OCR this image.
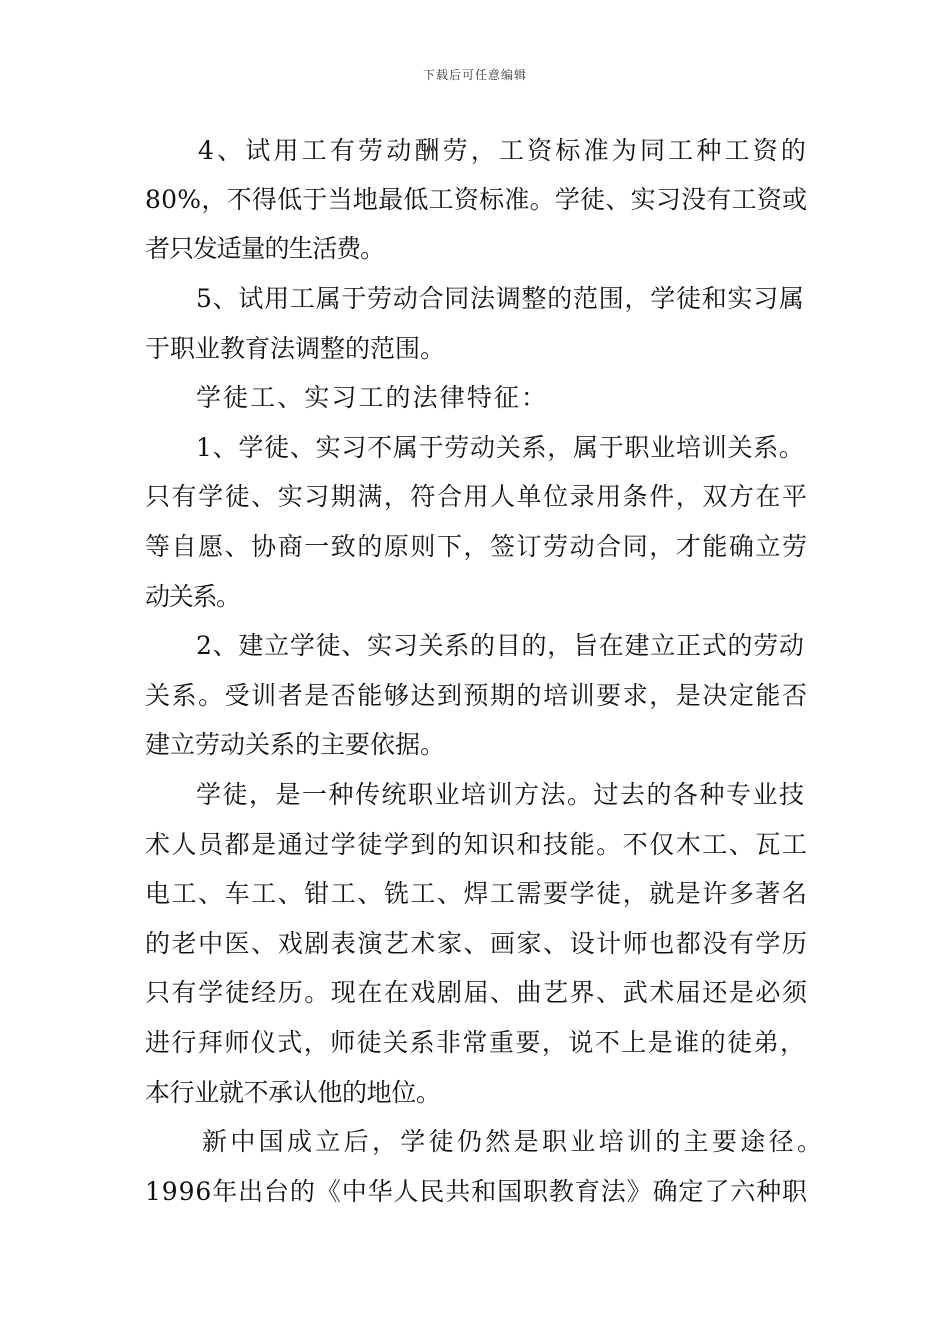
下载后可任意编辑
4、试用工有劳动酬劳，工资标准为同工种工资的
80%，不得低于当地最低工资标准。学徒、实习没有工资或
者只发适量的生活费。
5、试用工属于劳动合同法调整的范围，学徒和实习属
于职业教育法调整的范围。
学徒工、实习工的法律特征：
1、学徒、实习不属于劳动关系，属于职业培训关系。
只有学徒、实习期满，符合用人单位录用条件，双方在平
等自愿、协商一致的原则下，签订劳动合同，才能确立劳
动关系。
2、建立学徒、实习关系的目的，旨在建立正式的劳动
关系。受训者是否能够达到预期的培训要求，是决定能否
建立劳动关系的主要依据。
学徒，是一种传统职业培训方法。过去的各种专业技
术人员都是通过学徒学到的知识和技能。不仅木工、瓦工
电工、车工、钳工、铣工、焊工需要学徒，就是许多著名
的老中医、戏剧表演艺术家、画家、设计师也都没有学历
只有学徒经历。现在在戏剧届、曲艺界、武术届还是必须
进行拜师仪式，师徒关系非常重要，说不上是谁的徒弟，
本行业就不承认他的地位。
新中国成立后，学徒仍然是职业培训的主要途径。
1996年出台的《中华人民共和国职教育法》确定了六种职
